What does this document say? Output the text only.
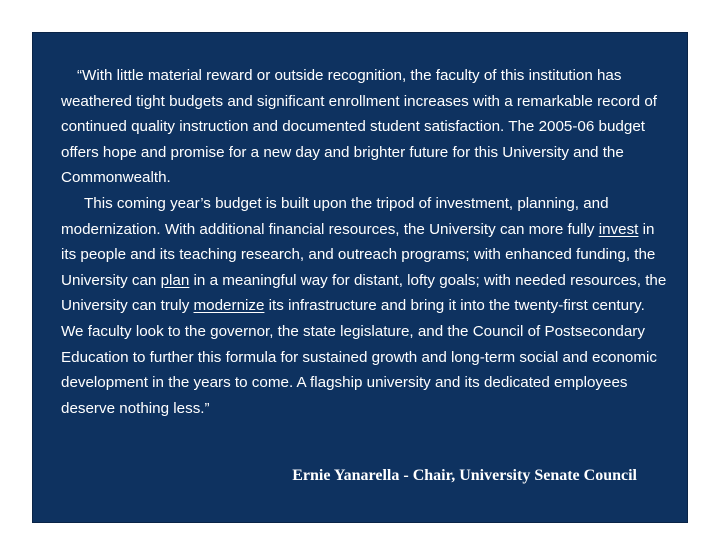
“With little material reward or outside recognition, the faculty of this institution has weathered tight budgets and significant enrollment increases with a remarkable record of continued quality instruction and documented student satisfaction. The 2005-06 budget offers hope and promise for a new day and brighter future for this University and the Commonwealth.

This coming year’s budget is built upon the tripod of investment, planning, and modernization. With additional financial resources, the University can more fully invest in its people and its teaching research, and outreach programs; with enhanced funding, the University can plan in a meaningful way for distant, lofty goals; with needed resources, the University can truly modernize its infrastructure and bring it into the twenty-first century. We faculty look to the governor, the state legislature, and the Council of Postsecondary Education to further this formula for sustained growth and long-term social and economic development in the years to come. A flagship university and its dedicated employees deserve nothing less.”

Ernie Yanarella - Chair, University Senate Council
